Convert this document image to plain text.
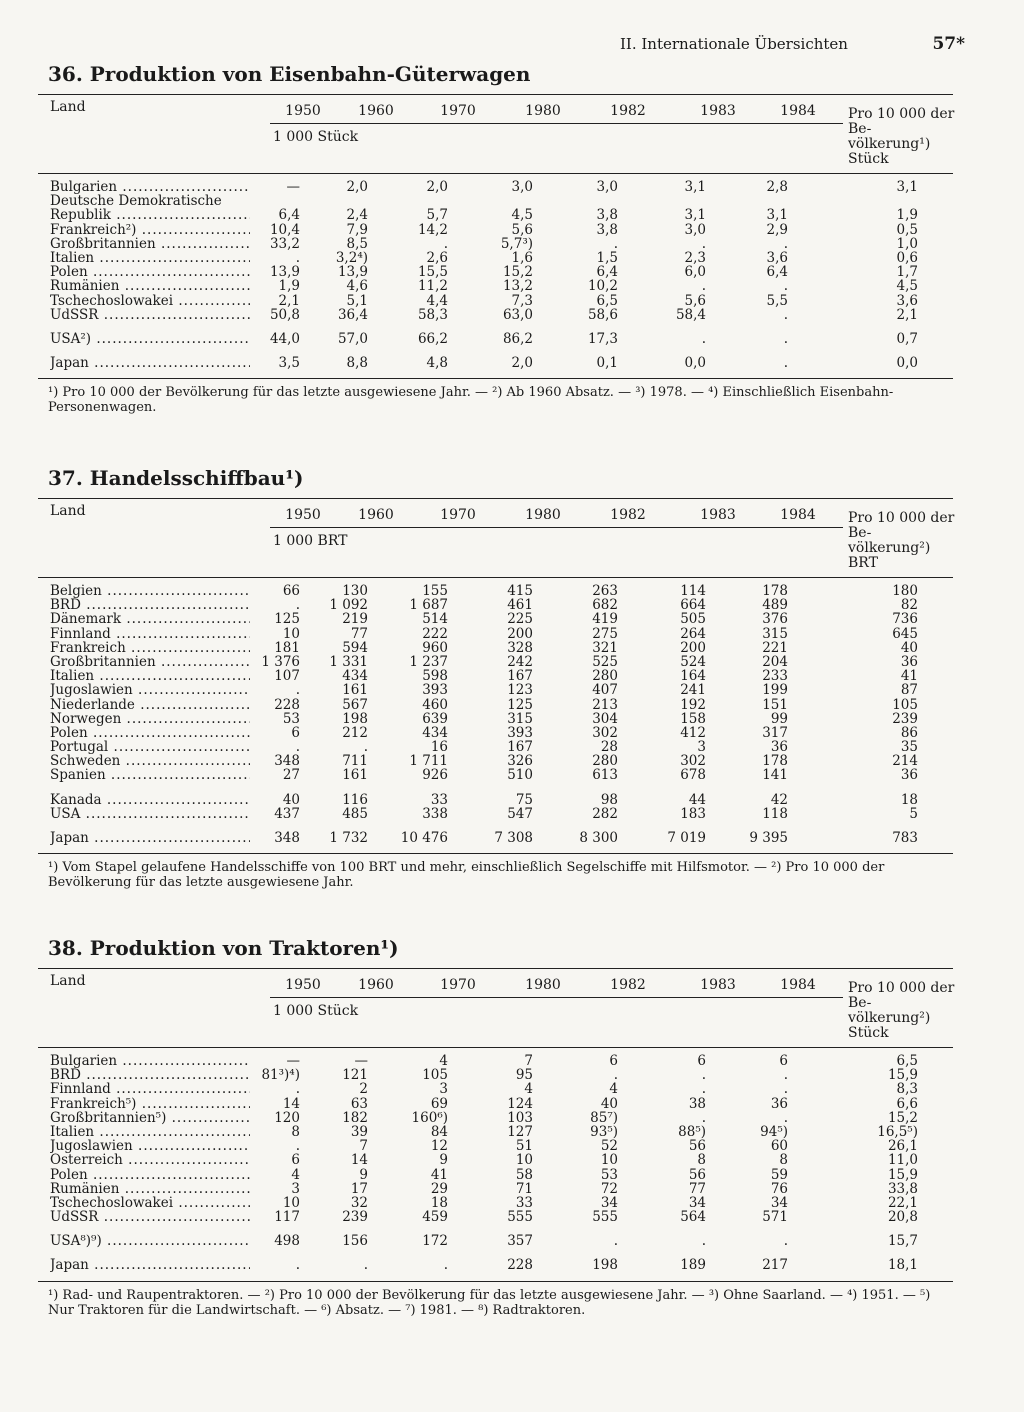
II. Internationale Übersichten	57*
36. Produktion von Eisenbahn-Güterwagen
Land	1950	1960	1970	1980	1982	1983	1984
1 000 Stück
Pro 10 000 der Be- völkerung¹) Stück
Bulgarien .....	—	2,0	2,0	3,0	3,0	3,1	2,8	3,1
Deutsche Demokratische
Republik .....	6,4	2,4	5,7	4,5	3,8	3,1	3,1	1,9
Frankreich²) .....	10,4	7,9	14,2	5,6	3,8	3,0	2,9	0,5
Großbritannien .....	33,2	8,5	.	5,7³)	.	.	.	1,0
Italien .....	.	3,2⁴)	2,6	1,6	1,5	2,3	3,6	0,6
Polen .....	13,9	13,9	15,5	15,2	6,4	6,0	6,4	1,7
Rumänien .....	1,9	4,6	11,2	13,2	10,2	.	.	4,5
Tschechoslowakei .....	2,1	5,1	4,4	7,3	6,5	5,6	5,5	3,6
UdSSR .....	50,8	36,4	58,3	63,0	58,6	58,4	.	2,1
USA²) .....	44,0	57,0	66,2	86,2	17,3	.	.	0,7
Japan .....	3,5	8,8	4,8	2,0	0,1	0,0	.	0,0
¹) Pro 10 000 der Bevölkerung für das letzte ausgewiesene Jahr. — ²) Ab 1960 Absatz. — ³) 1978. — ⁴) Einschließlich Eisenbahn-Personenwagen.
37. Handelsschiffbau¹)
Land	1950	1960	1970	1980	1982	1983	1984
1 000 BRT
Pro 10 000 der Be- völkerung²) BRT
Belgien .....	66	130	155	415	263	114	178	180
BRD .....	.	1 092	1 687	461	682	664	489	82
Dänemark .....	125	219	514	225	419	505	376	736
Finnland .....	10	77	222	200	275	264	315	645
Frankreich .....	181	594	960	328	321	200	221	40
Großbritannien .....	1 376	1 331	1 237	242	525	524	204	36
Italien .....	107	434	598	167	280	164	233	41
Jugoslawien .....	.	161	393	123	407	241	199	87
Niederlande .....	228	567	460	125	213	192	151	105
Norwegen .....	53	198	639	315	304	158	99	239
Polen .....	6	212	434	393	302	412	317	86
Portugal .....	.	.	16	167	28	3	36	35
Schweden .....	348	711	1 711	326	280	302	178	214
Spanien .....	27	161	926	510	613	678	141	36
Kanada .....	40	116	33	75	98	44	42	18
USA .....	437	485	338	547	282	183	118	5
Japan .....	348	1 732	10 476	7 308	8 300	7 019	9 395	783
¹) Vom Stapel gelaufene Handelsschiffe von 100 BRT und mehr, einschließlich Segelschiffe mit Hilfsmotor. — ²) Pro 10 000 der Bevölkerung für das letzte ausgewiesene Jahr.
38. Produktion von Traktoren¹)
Land	1950	1960	1970	1980	1982	1983	1984
1 000 Stück
Pro 10 000 der Be- völkerung²) Stück
Bulgarien .....	—	—	4	7	6	6	6	6,5
BRD .....	81³)⁴)	121	105	95	.	.	.	15,9
Finnland .....	.	2	3	4	4	.	.	8,3
Frankreich⁵) .....	14	63	69	124	40	38	36	6,6
Großbritannien⁵) .....	120	182	160⁶)	103	85⁷)	.	.	15,2
Italien .....	8	39	84	127	93⁵)	88⁵)	94⁵)	16,5⁵)
Jugoslawien .....	.	7	12	51	52	56	60	26,1
Österreich .....	6	14	9	10	10	8	8	11,0
Polen .....	4	9	41	58	53	56	59	15,9
Rumänien .....	3	17	29	71	72	77	76	33,8
Tschechoslowakei .....	10	32	18	33	34	34	34	22,1
UdSSR .....	117	239	459	555	555	564	571	20,8
USA⁸)⁹) .....	498	156	172	357	.	.	.	15,7
Japan .....	.	.	.	228	198	189	217	18,1
¹) Rad- und Raupentraktoren. — ²) Pro 10 000 der Bevölkerung für das letzte ausgewiesene Jahr. — ³) Ohne Saarland. — ⁴) 1951. — ⁵) Nur Traktoren für die Landwirtschaft. — ⁶) Absatz. — ⁷) 1981. — ⁸) Radtraktoren.
